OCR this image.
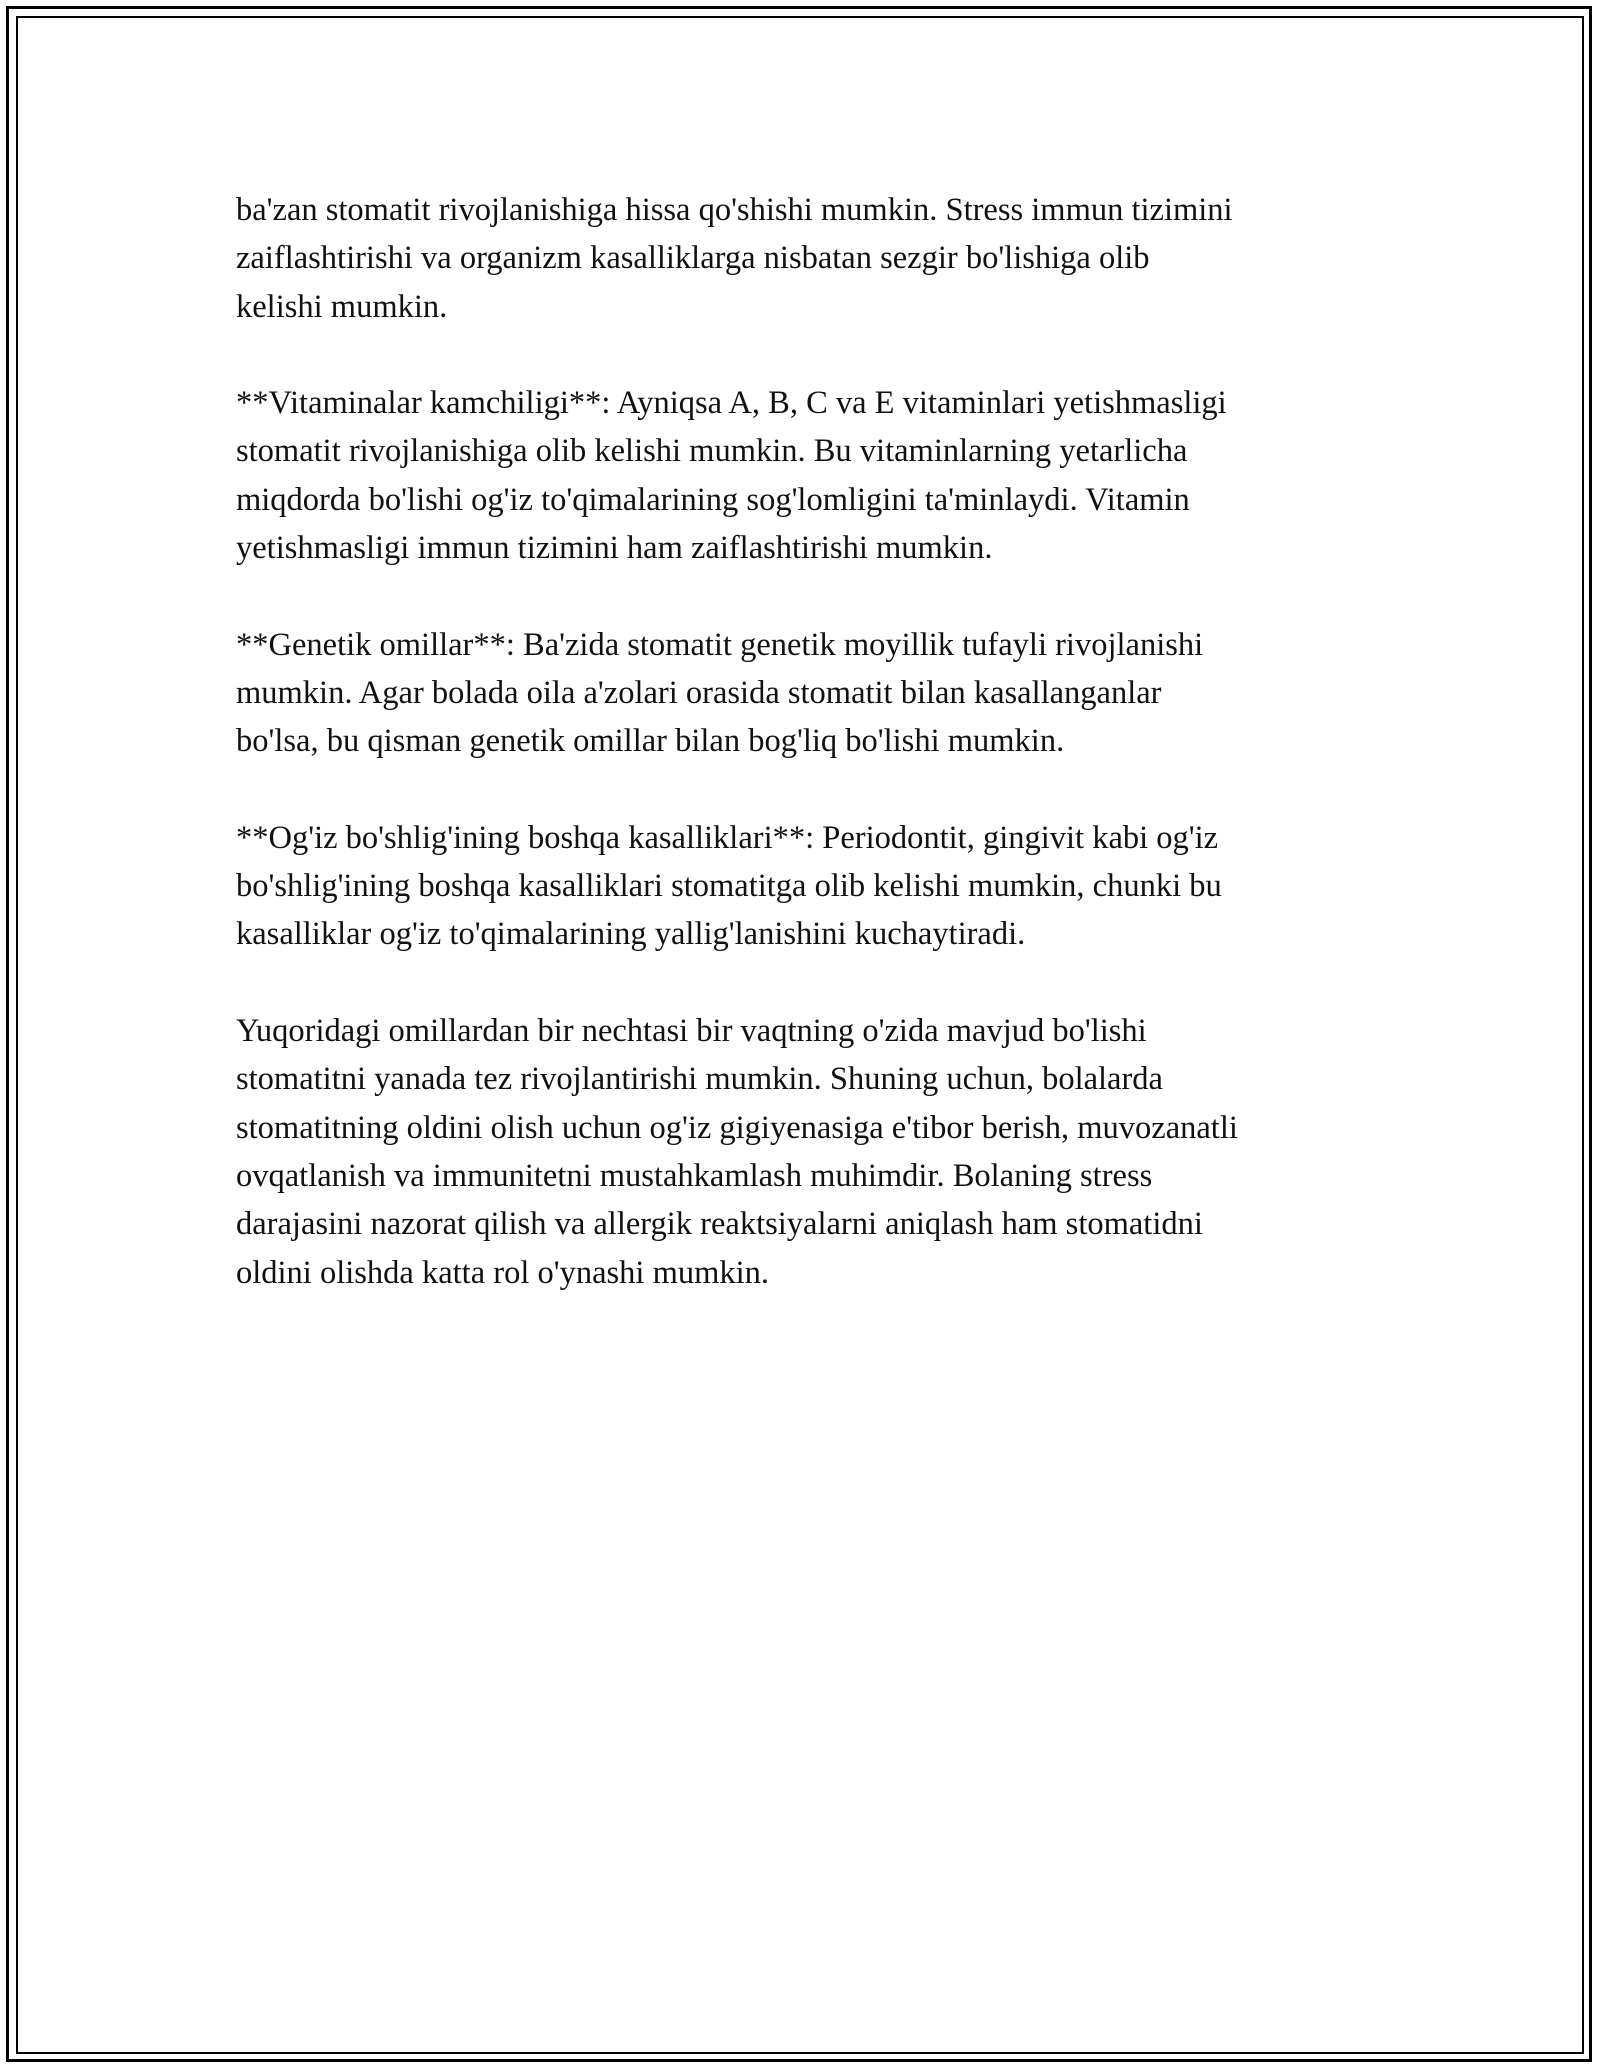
ba'zan stomatit rivojlanishiga hissa qo'shishi mumkin. Stress immun tizimini
zaiflashtirishi va organizm kasalliklarga nisbatan sezgir bo'lishiga olib
kelishi mumkin.

**Vitaminalar kamchiligi**: Ayniqsa A, B, C va E vitaminlari yetishmasligi
stomatit rivojlanishiga olib kelishi mumkin. Bu vitaminlarning yetarlicha
miqdorda bo'lishi og'iz to'qimalarining sog'lomligini ta'minlaydi. Vitamin
yetishmasligi immun tizimini ham zaiflashtirishi mumkin.

**Genetik omillar**: Ba'zida stomatit genetik moyillik tufayli rivojlanishi
mumkin. Agar bolada oila a'zolari orasida stomatit bilan kasallanganlar
bo'lsa, bu qisman genetik omillar bilan bog'liq bo'lishi mumkin.

**Og'iz bo'shlig'ining boshqa kasalliklari**: Periodontit, gingivit kabi og'iz
bo'shlig'ining boshqa kasalliklari stomatitga olib kelishi mumkin, chunki bu
kasalliklar og'iz to'qimalarining yallig'lanishini kuchaytiradi.

Yuqoridagi omillardan bir nechtasi bir vaqtning o'zida mavjud bo'lishi
stomatitni yanada tez rivojlantirishi mumkin. Shuning uchun, bolalarda
stomatitning oldini olish uchun og'iz gigiyenasiga e'tibor berish, muvozanatli
ovqatlanish va immunitetni mustahkamlash muhimdir. Bolaning stress
darajasini nazorat qilish va allergik reaktsiyalarni aniqlash ham stomatidni
oldini olishda katta rol o'ynashi mumkin.
